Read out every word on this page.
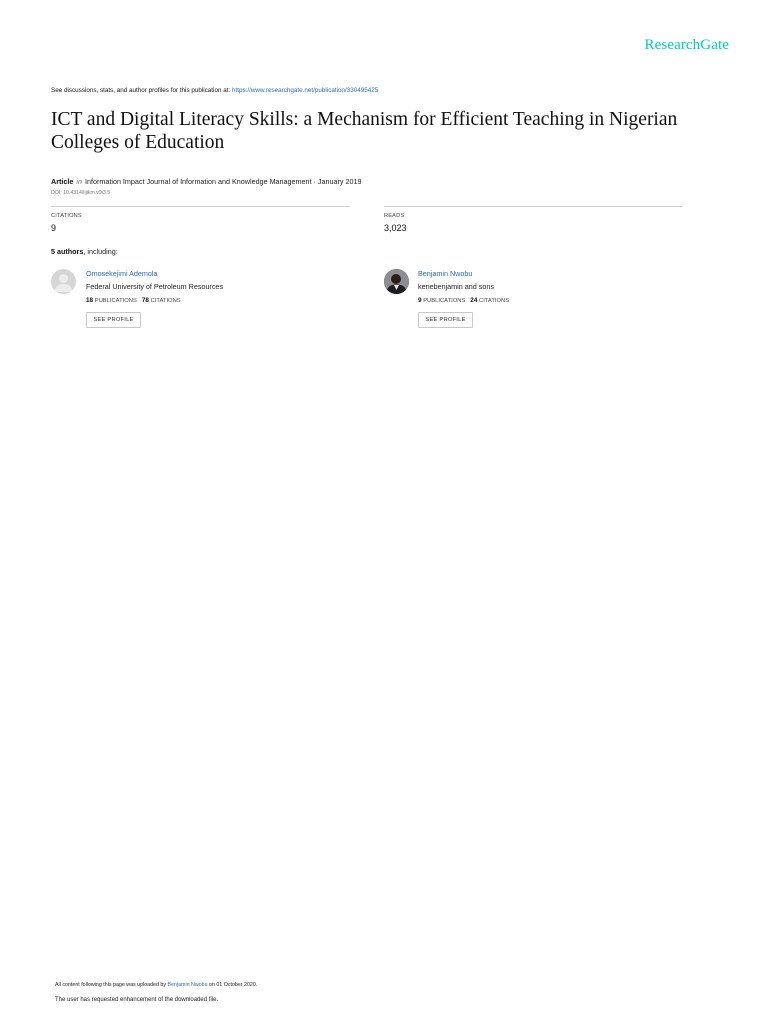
ResearchGate
See discussions, stats, and author profiles for this publication at: https://www.researchgate.net/publication/330495425
ICT and Digital Literacy Skills: a Mechanism for Efficient Teaching in Nigerian Colleges of Education
Article in Information Impact Journal of Information and Knowledge Management · January 2019
DOI: 10.4314/iijikm.v9i3.5
CITATIONS
9
READS
3,023
5 authors, including:
Omosekejimi Ademola
Federal University of Petroleum Resources
18 PUBLICATIONS 78 CITATIONS
SEE PROFILE
Benjamin Nwobu
kenebenjamin and sons
9 PUBLICATIONS 24 CITATIONS
SEE PROFILE
All content following this page was uploaded by Benjamin Nwobu on 01 October 2020.
The user has requested enhancement of the downloaded file.
